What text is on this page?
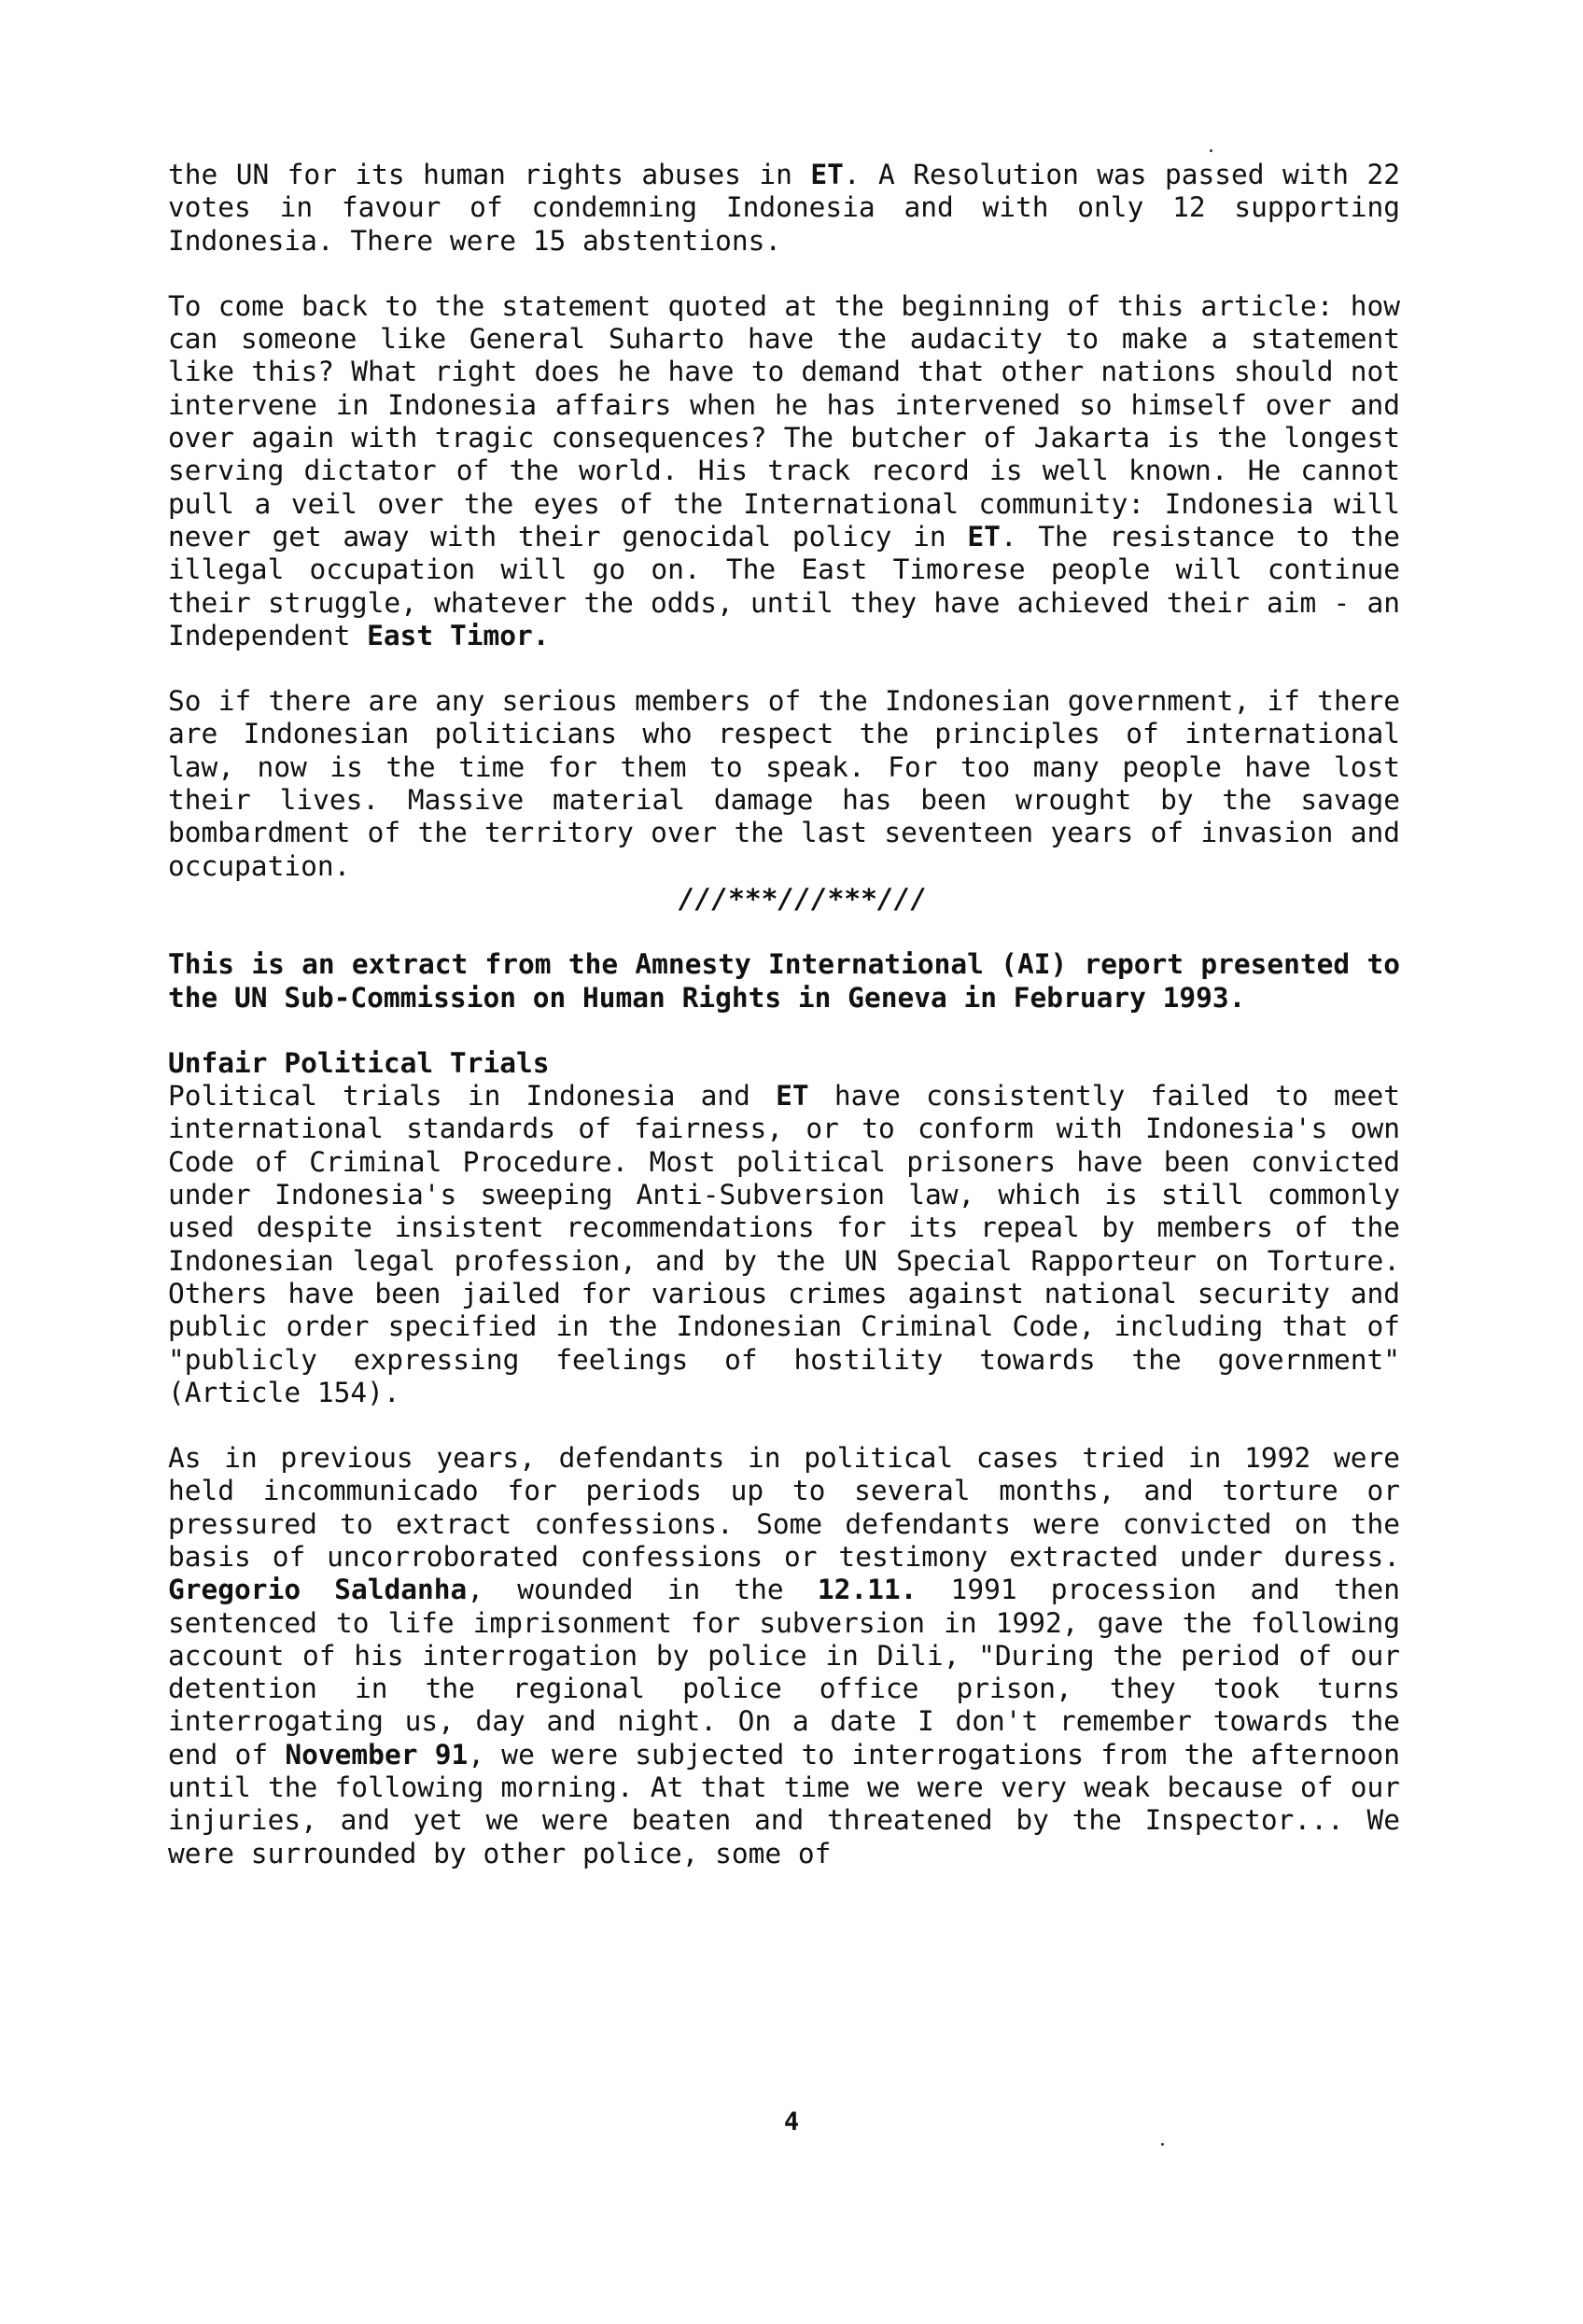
the UN for its human rights abuses in ET. A Resolution was passed with 22 votes in favour of condemning Indonesia and with only 12 supporting Indonesia. There were 15 abstentions.

To come back to the statement quoted at the beginning of this article: how can someone like General Suharto have the audacity to make a statement like this? What right does he have to demand that other nations should not intervene in Indonesia affairs when he has intervened so himself over and over again with tragic consequences? The butcher of Jakarta is the longest serving dictator of the world. His track record is well known. He cannot pull a veil over the eyes of the International community: Indonesia will never get away with their genocidal policy in ET. The resistance to the illegal occupation will go on. The East Timorese people will continue their struggle, whatever the odds, until they have achieved their aim - an Independent East Timor.

So if there are any serious members of the Indonesian government, if there are Indonesian politicians who respect the principles of international law, now is the time for them to speak. For too many people have lost their lives. Massive material damage has been wrought by the savage bombardment of the territory over the last seventeen years of invasion and occupation.

///***///***///

This is an extract from the Amnesty International (AI) report presented to the UN Sub-Commission on Human Rights in Geneva in February 1993.

Unfair Political Trials

Political trials in Indonesia and ET have consistently failed to meet international standards of fairness, or to conform with Indonesia's own Code of Criminal Procedure. Most political prisoners have been convicted under Indonesia's sweeping Anti-Subversion law, which is still commonly used despite insistent recommendations for its repeal by members of the Indonesian legal profession, and by the UN Special Rapporteur on Torture. Others have been jailed for various crimes against national security and public order specified in the Indonesian Criminal Code, including that of "publicly expressing feelings of hostility towards the government" (Article 154).

As in previous years, defendants in political cases tried in 1992 were held incommunicado for periods up to several months, and torture or pressured to extract confessions. Some defendants were convicted on the basis of uncorroborated confessions or testimony extracted under duress. Gregorio Saldanha, wounded in the 12.11. 1991 procession and then sentenced to life imprisonment for subversion in 1992, gave the following account of his interrogation by police in Dili, "During the period of our detention in the regional police office prison, they took turns interrogating us, day and night. On a date I don't remember towards the end of November 91, we were subjected to interrogations from the afternoon until the following morning. At that time we were very weak because of our injuries, and yet we were beaten and threatened by the Inspector... We were surrounded by other police, some of

4
